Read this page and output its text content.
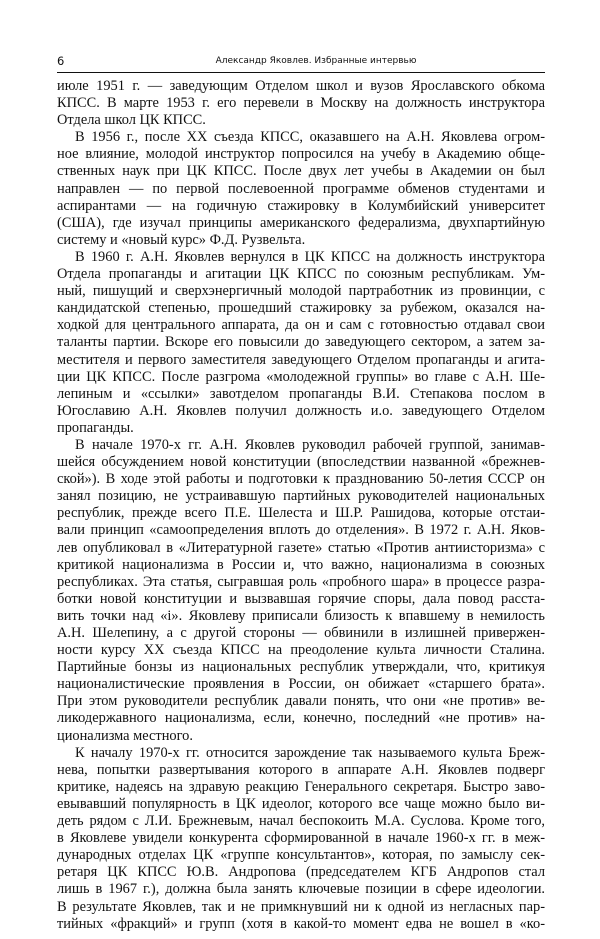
6	Александр Яковлев. Избранные интервью
июле 1951 г. — заведующим Отделом школ и вузов Ярославского обкома
КПСС. В марте 1953 г. его перевели в Москву на должность инструктора
Отдела школ ЦК КПСС.
В 1956 г., после XX съезда КПСС, оказавшего на А.Н. Яковлева огром-
ное влияние, молодой инструктор попросился на учебу в Академию обще-
ственных наук при ЦК КПСС. После двух лет учебы в Академии он был
направлен — по первой послевоенной программе обменов студентами и
аспирантами — на годичную стажировку в Колумбийский университет
(США), где изучал принципы американского федерализма, двухпартийную
систему и «новый курс» Ф.Д. Рузвельта.
В 1960 г. А.Н. Яковлев вернулся в ЦК КПСС на должность инструктора
Отдела пропаганды и агитации ЦК КПСС по союзным республикам. Ум-
ный, пишущий и сверхэнергичный молодой партработник из провинции, с
кандидатской степенью, прошедший стажировку за рубежом, оказался на-
ходкой для центрального аппарата, да он и сам с готовностью отдавал свои
таланты партии. Вскоре его повысили до заведующего сектором, а затем за-
местителя и первого заместителя заведующего Отделом пропаганды и агита-
ции ЦК КПСС. После разгрома «молодежной группы» во главе с А.Н. Ше-
лепиным и «ссылки» завотделом пропаганды В.И. Степакова послом в
Югославию А.Н. Яковлев получил должность и.о. заведующего Отделом
пропаганды.
В начале 1970-х гг. А.Н. Яковлев руководил рабочей группой, занимав-
шейся обсуждением новой конституции (впоследствии названной «брежнев-
ской»). В ходе этой работы и подготовки к празднованию 50-летия СССР он
занял позицию, не устраивавшую партийных руководителей национальных
республик, прежде всего П.Е. Шелеста и Ш.Р. Рашидова, которые отстаи-
вали принцип «самоопределения вплоть до отделения». В 1972 г. А.Н. Яков-
лев опубликовал в «Литературной газете» статью «Против антиисторизма» с
критикой национализма в России и, что важно, национализма в союзных
республиках. Эта статья, сыгравшая роль «пробного шара» в процессе разра-
ботки новой конституции и вызвавшая горячие споры, дала повод расста-
вить точки над «i». Яковлеву приписали близость к впавшему в немилость
А.Н. Шелепину, а с другой стороны — обвинили в излишней привержен-
ности курсу XX съезда КПСС на преодоление культа личности Сталина.
Партийные бонзы из национальных республик утверждали, что, критикуя
националистические проявления в России, он обижает «старшего брата».
При этом руководители республик давали понять, что они «не против» ве-
ликодержавного национализма, если, конечно, последний «не против» на-
ционализма местного.
К началу 1970-х гг. относится зарождение так называемого культа Бреж-
нева, попытки развертывания которого в аппарате А.Н. Яковлев подверг
критике, надеясь на здравую реакцию Генерального секретаря. Быстро заво-
евывавший популярность в ЦК идеолог, которого все чаще можно было ви-
деть рядом с Л.И. Брежневым, начал беспокоить М.А. Суслова. Кроме того,
в Яковлеве увидели конкурента сформированной в начале 1960-х гг. в меж-
дународных отделах ЦК «группе консультантов», которая, по замыслу сек-
ретаря ЦК КПСС Ю.В. Андропова (председателем КГБ Андропов стал
лишь в 1967 г.), должна была занять ключевые позиции в сфере идеологии.
В результате Яковлев, так и не примкнувший ни к одной из негласных пар-
тийных «фракций» и групп (хотя в какой-то момент едва не вошел в «ко-
